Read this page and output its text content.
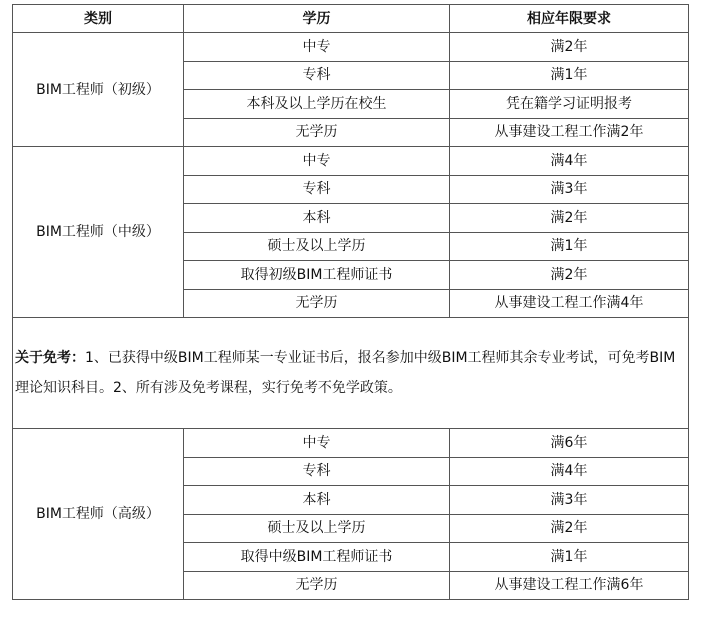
类别	学历	相应年限要求
BIM工程师（初级）	中专	满2年
	专科	满1年
	本科及以上学历在校生	凭在籍学习证明报考
	无学历	从事建设工程工作满2年
BIM工程师（中级）	中专	满4年
	专科	满3年
	本科	满2年
	硕士及以上学历	满1年
	取得初级BIM工程师证书	满2年
	无学历	从事建设工程工作满4年
关于免考：1、已获得中级BIM工程师某一专业证书后，报名参加中级BIM工程师其余专业考试，可免考BIM理论知识科目。2、所有涉及免考课程，实行免考不免学政策。		
BIM工程师（高级）	中专	满6年
	专科	满4年
	本科	满3年
	硕士及以上学历	满2年
	取得中级BIM工程师证书	满1年
	无学历	从事建设工程工作满6年
